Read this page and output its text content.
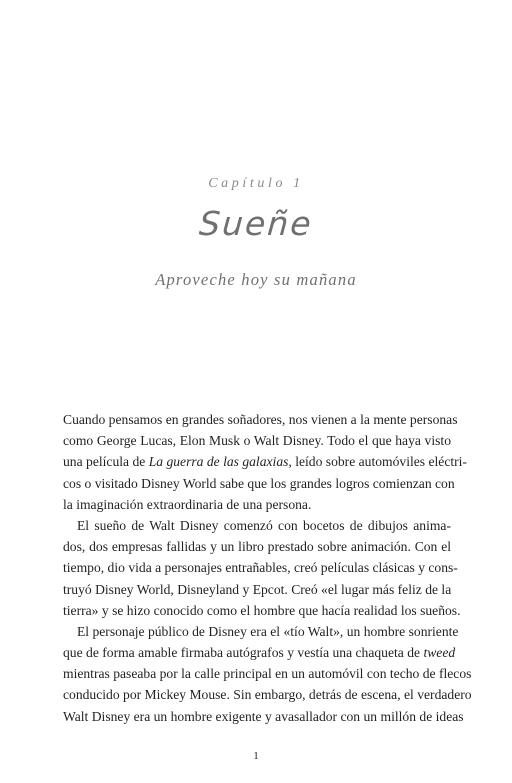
Capítulo 1
Sueñe
Aproveche hoy su mañana
Cuando pensamos en grandes soñadores, nos vienen a la mente personas
como George Lucas, Elon Musk o Walt Disney. Todo el que haya visto
una película de La guerra de las galaxias, leído sobre automóviles eléctri-
cos o visitado Disney World sabe que los grandes logros comienzan con
la imaginación extraordinaria de una persona.
El sueño de Walt Disney comenzó con bocetos de dibujos anima-
dos, dos empresas fallidas y un libro prestado sobre animación. Con el
tiempo, dio vida a personajes entrañables, creó películas clásicas y cons-
truyó Disney World, Disneyland y Epcot. Creó «el lugar más feliz de la
tierra» y se hizo conocido como el hombre que hacía realidad los sueños.
El personaje público de Disney era el «tío Walt», un hombre sonriente
que de forma amable firmaba autógrafos y vestía una chaqueta de tweed
mientras paseaba por la calle principal en un automóvil con techo de flecos
conducido por Mickey Mouse. Sin embargo, detrás de escena, el verdadero
Walt Disney era un hombre exigente y avasallador con un millón de ideas
1
